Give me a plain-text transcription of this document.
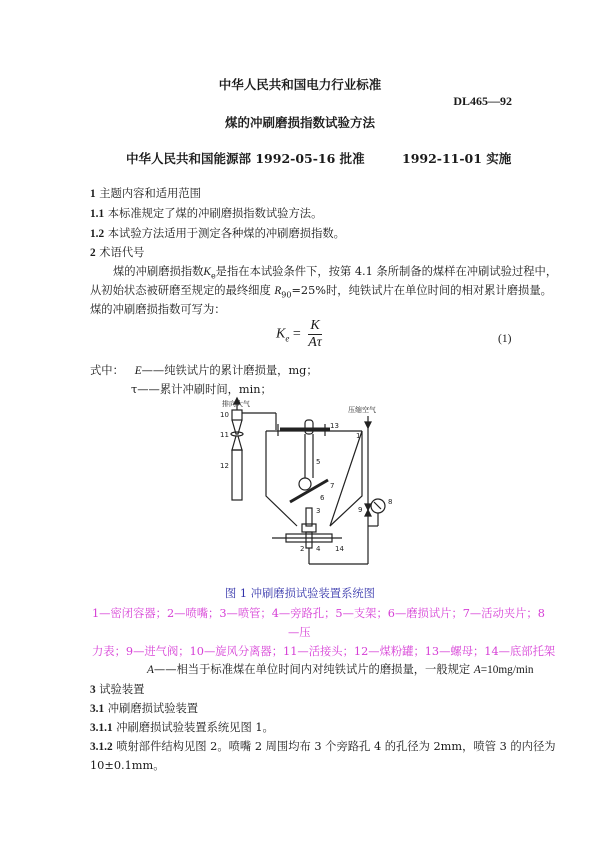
中华人民共和国电力行业标准
DL465—92
煤的冲刷磨损指数试验方法
中华人民共和国能源部 1992-05-16 批准	1992-11-01 实施
1 主题内容和适用范围
1.1 本标准规定了煤的冲刷磨损指数试验方法。
1.2 本试验方法适用于测定各种煤的冲刷磨损指数。
2 术语代号
煤的冲刷磨损指数$K_e$是指在本试验条件下，按第 4.1 条所制备的煤样在冲刷试验过程中，
从初始状态被研磨至规定的最终细度 $R_{90}=25\%$时，纯铁试片在单位时间的相对累计磨损量。
煤的冲刷磨损指数可写为：
$K_e = \frac{K}{A\tau}$	(1)
式中： E——纯铁试片的累计磨损量，mg；
τ——累计冲刷时间，min；
排向大气
压缩空气
10
11
12
13
1
5
7
6
3
2 4 14
8
9
图 1 冲刷磨损试验装置系统图
1—密闭容器；2—喷嘴；3—喷管；4—旁路孔；5—支架；6—磨损试片；7—活动夹片；8
—压
力表；9—进气阀；10—旋风分离器；11—活接头；12—煤粉罐；13—螺母；14—底部托架
A——相当于标准煤在单位时间内对纯铁试片的磨损量，一般规定 A=10mg/min
3 试验装置
3.1 冲刷磨损试验装置
3.1.1 冲刷磨损试验装置系统见图 1。
3.1.2 喷射部件结构见图 2。喷嘴 2 周围均布 3 个旁路孔 4 的孔径为 2mm，喷管 3 的内径为
10±0.1mm。
